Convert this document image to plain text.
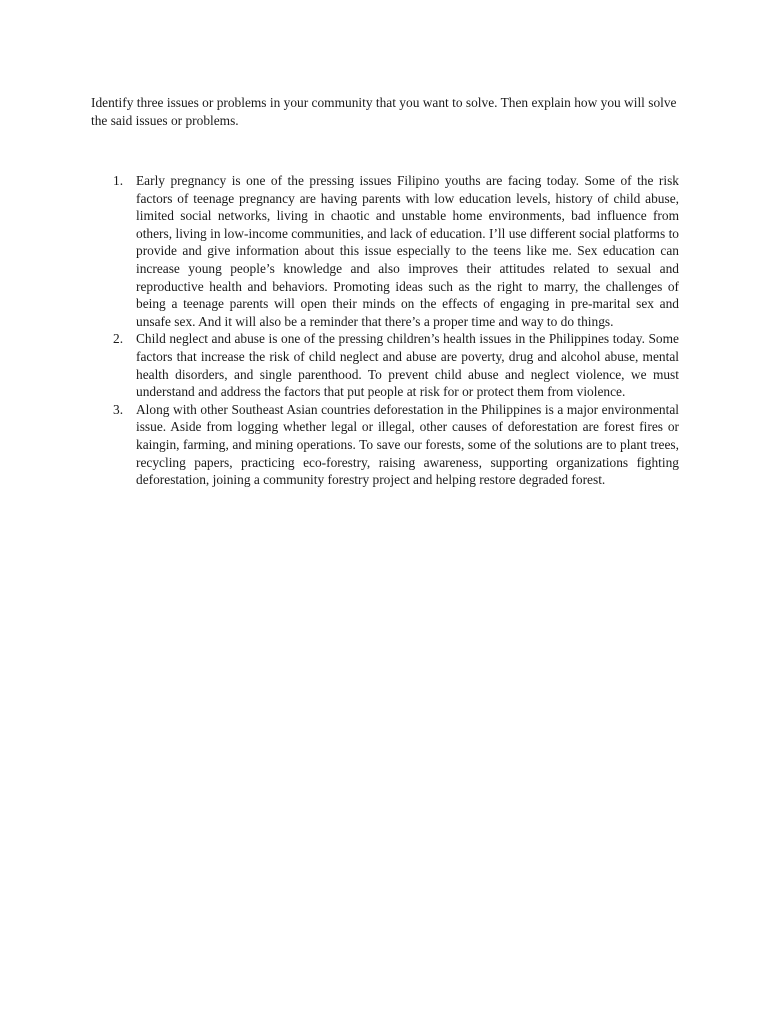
Identify three issues or problems in your community that you want to solve. Then explain how you will solve the said issues or problems.

1. Early pregnancy is one of the pressing issues Filipino youths are facing today. Some of the risk factors of teenage pregnancy are having parents with low education levels, history of child abuse, limited social networks, living in chaotic and unstable home environments, bad influence from others, living in low-income communities, and lack of education. I’ll use different social platforms to provide and give information about this issue especially to the teens like me. Sex education can increase young people’s knowledge and also improves their attitudes related to sexual and reproductive health and behaviors. Promoting ideas such as the right to marry, the challenges of being a teenage parents will open their minds on the effects of engaging in pre-marital sex and unsafe sex. And it will also be a reminder that there’s a proper time and way to do things.
2. Child neglect and abuse is one of the pressing children’s health issues in the Philippines today. Some factors that increase the risk of child neglect and abuse are poverty, drug and alcohol abuse, mental health disorders, and single parenthood. To prevent child abuse and neglect violence, we must understand and address the factors that put people at risk for or protect them from violence.
3. Along with other Southeast Asian countries deforestation in the Philippines is a major environmental issue. Aside from logging whether legal or illegal, other causes of deforestation are forest fires or kaingin, farming, and mining operations. To save our forests, some of the solutions are to plant trees, recycling papers, practicing eco-forestry, raising awareness, supporting organizations fighting deforestation, joining a community forestry project and helping restore degraded forest.
